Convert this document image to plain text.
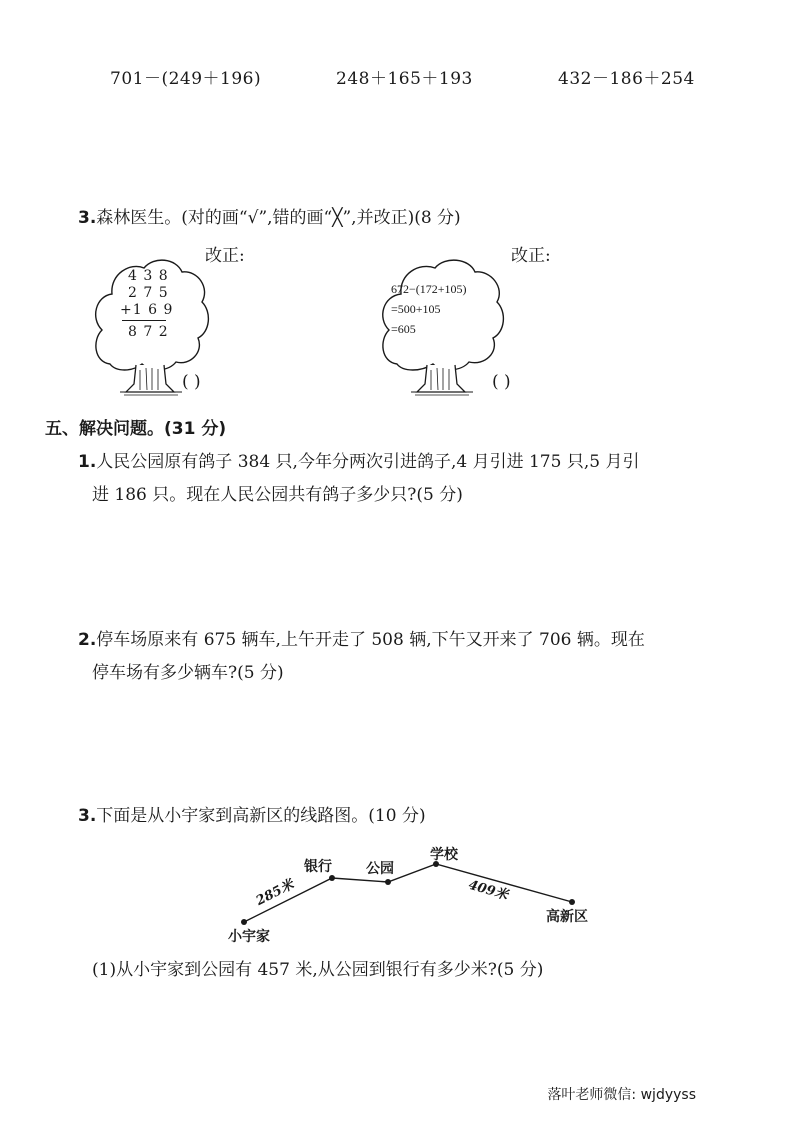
701－(249＋196)	248＋165＋193	432－186＋254
3.森林医生。(对的画“√”,错的画“╳”,并改正)(8 分)
改正:	改正:
4 3 8
2 7 5
+1 6 9
8 7 2
( )
672−(172+105)
=500+105
=605
( )
五、解决问题。(31 分)
1.人民公园原有鸽子 384 只,今年分两次引进鸽子,4 月引进 175 只,5 月引
进 186 只。现在人民公园共有鸽子多少只?(5 分)
2.停车场原来有 675 辆车,上午开走了 508 辆,下午又开来了 706 辆。现在
停车场有多少辆车?(5 分)
3.下面是从小宇家到高新区的线路图。(10 分)
小宇家
银行 公园
学校
高新区
285米	409米
(1)从小宇家到公园有 457 米,从公园到银行有多少米?(5 分)
落叶老师微信: wjdyyss
